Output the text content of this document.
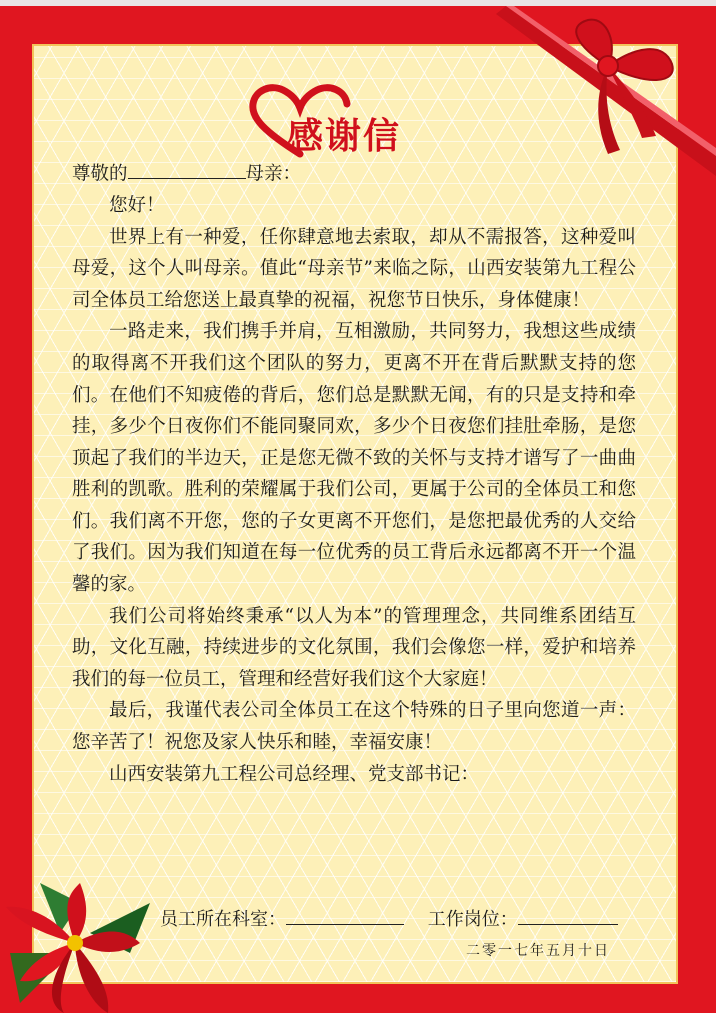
感谢信

尊敬的	母亲：

您好！

世界上有一种爱，任你肆意地去索取，却从不需报答，这种爱叫母爱，这个人叫母亲。值此“母亲节”来临之际，山西安装第九工程公司全体员工给您送上最真挚的祝福，祝您节日快乐，身体健康！

一路走来，我们携手并肩，互相激励，共同努力，我想这些成绩的取得离不开我们这个团队的努力，更离不开在背后默默支持的您们。在他们不知疲倦的背后，您们总是默默无闻，有的只是支持和牵挂，多少个日夜你们不能同聚同欢，多少个日夜您们挂肚牵肠，是您顶起了我们的半边天，正是您无微不致的关怀与支持才谱写了一曲曲胜利的凯歌。胜利的荣耀属于我们公司，更属于公司的全体员工和您们。我们离不开您，您的子女更离不开您们，是您把最优秀的人交给了我们。因为我们知道在每一位优秀的员工背后永远都离不开一个温馨的家。

我们公司将始终秉承“以人为本”的管理理念，共同维系团结互助，文化互融，持续进步的文化氛围，我们会像您一样，爱护和培养我们的每一位员工，管理和经营好我们这个大家庭！

最后，我谨代表公司全体员工在这个特殊的日子里向您道一声：您辛苦了！祝您及家人快乐和睦，幸福安康！

山西安装第九工程公司总经理、党支部书记：

员工所在科室：	工作岗位：
二零一七年五月十日
